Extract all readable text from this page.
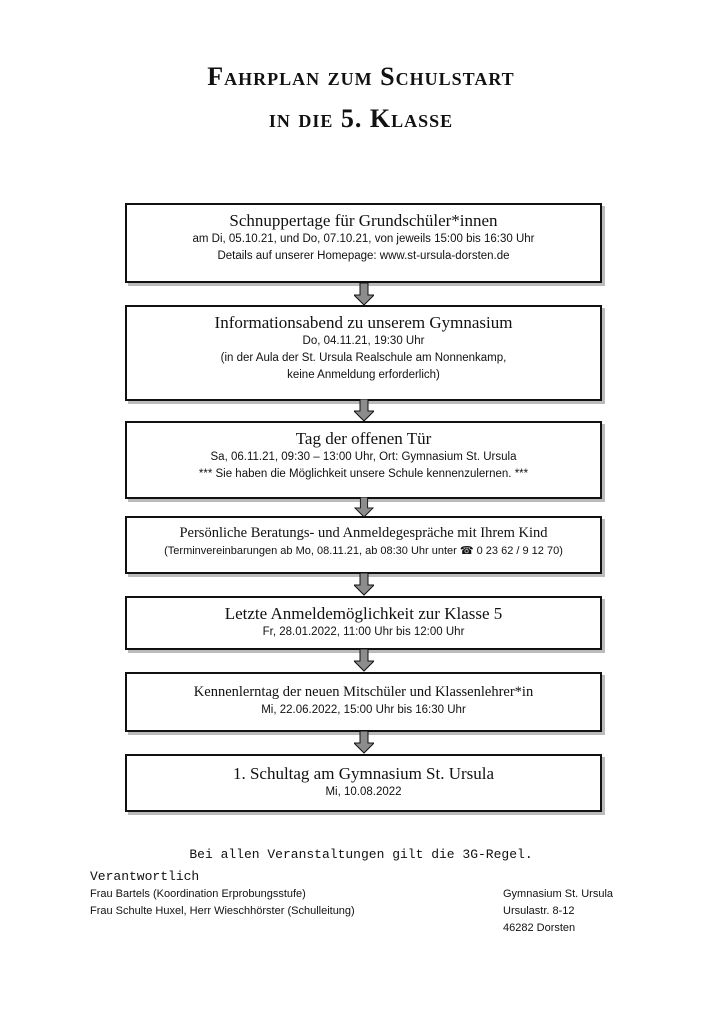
Fahrplan zum Schulstart
in die 5. Klasse
Schnuppertage für Grundschüler*innen
am Di, 05.10.21, und Do, 07.10.21, von jeweils 15:00 bis 16:30 Uhr
Details auf unserer Homepage: www.st-ursula-dorsten.de
Informationsabend zu unserem Gymnasium
Do, 04.11.21, 19:30 Uhr
(in der Aula der St. Ursula Realschule am Nonnenkamp,
keine Anmeldung erforderlich)
Tag der offenen Tür
Sa, 06.11.21, 09:30 – 13:00 Uhr, Ort: Gymnasium St. Ursula
*** Sie haben die Möglichkeit unsere Schule kennenzulernen. ***
Persönliche Beratungs- und Anmeldegespräche mit Ihrem Kind
(Terminvereinbarungen ab Mo, 08.11.21, ab 08:30 Uhr unter ☎ 0 23 62 / 9 12 70)
Letzte Anmeldemöglichkeit zur Klasse 5
Fr, 28.01.2022, 11:00 Uhr bis 12:00 Uhr
Kennenlerntag der neuen Mitschüler und Klassenlehrer*in
Mi, 22.06.2022, 15:00 Uhr bis 16:30 Uhr
1. Schultag am Gymnasium St. Ursula
Mi, 10.08.2022
Bei allen Veranstaltungen gilt die 3G-Regel.
Verantwortlich
Frau Bartels (Koordination Erprobungsstufe)
Frau Schulte Huxel, Herr Wieschhörster (Schulleitung)
Gymnasium St. Ursula
Ursulastr. 8-12
46282 Dorsten
